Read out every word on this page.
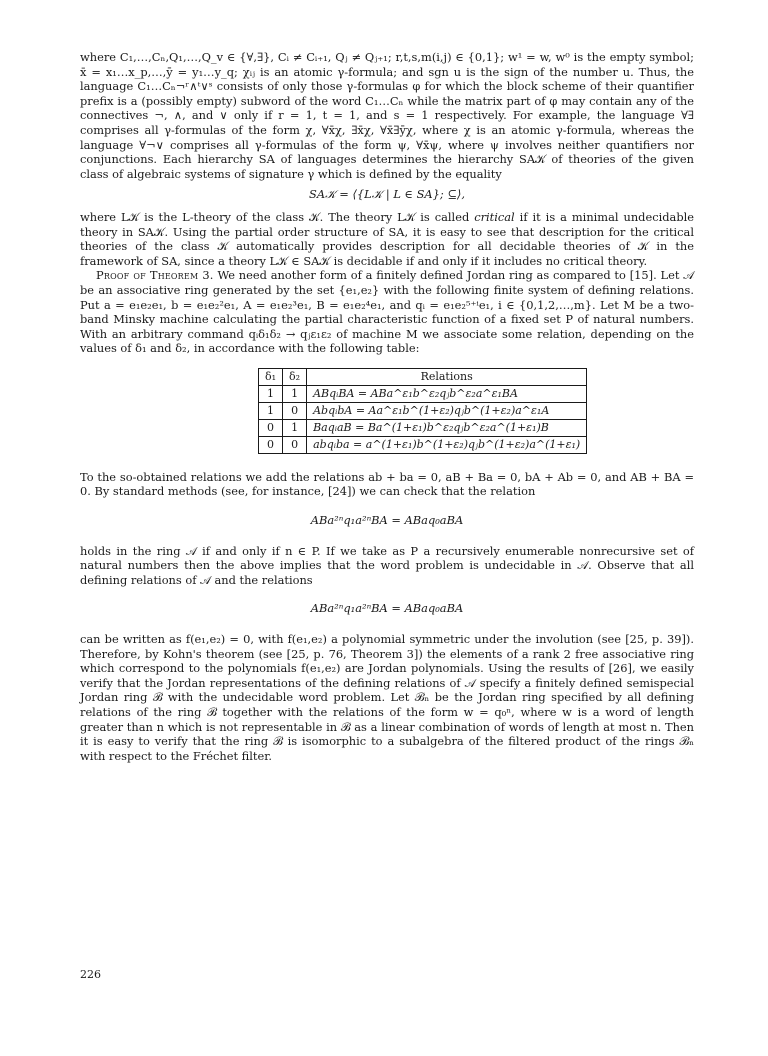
where C₁,…,Cₙ,Q₁,…,Q_v ∈ {∀,∃}, Cᵢ ≠ Cᵢ₊₁, Qⱼ ≠ Qⱼ₊₁; r,t,s,m(i,j) ∈ {0,1}; w¹ = w, w⁰ is the empty symbol; x̄ = x₁…x_p,…,ȳ = y₁…y_q; χᵢⱼ is an atomic γ-formula; and sgn u is the sign of the number u. Thus, the language C₁…Cₙ¬ʳ∧ᵗ∨ˢ consists of only those γ-formulas φ for which the block scheme of their quantifier prefix is a (possibly empty) subword of the word C₁…Cₙ while the matrix part of φ may contain any of the connectives ¬, ∧, and ∨ only if r = 1, t = 1, and s = 1 respectively. For example, the language ∀∃ comprises all γ-formulas of the form χ, ∀x̄χ, ∃x̄χ, ∀x̄∃ȳχ, where χ is an atomic γ-formula, whereas the language ∀¬∨ comprises all γ-formulas of the form ψ, ∀x̄ψ, where ψ involves neither quantifiers nor conjunctions. Each hierarchy SA of languages determines the hierarchy SA𝒦 of theories of the given class of algebraic systems of signature γ which is defined by the equality

SA𝒦 = ⟨{L𝒦 | L ∈ SA}; ⊆⟩,

where L𝒦 is the L-theory of the class 𝒦. The theory L𝒦 is called critical if it is a minimal undecidable theory in SA𝒦. Using the partial order structure of SA, it is easy to see that description for the critical theories of the class 𝒦 automatically provides description for all decidable theories of 𝒦 in the framework of SA, since a theory L𝒦 ∈ SA𝒦 is decidable if and only if it includes no critical theory.

Proof of Theorem 3. We need another form of a finitely defined Jordan ring as compared to [15]. Let 𝒜 be an associative ring generated by the set {e₁,e₂} with the following finite system of defining relations. Put a = e₁e₂e₁, b = e₁e₂²e₁, A = e₁e₂³e₁, B = e₁e₂⁴e₁, and qᵢ = e₁e₂⁵⁺ⁱe₁, i ∈ {0,1,2,…,m}. Let M be a two-band Minsky machine calculating the partial characteristic function of a fixed set P of natural numbers. With an arbitrary command qᵢδ₁δ₂ → qⱼε₁ε₂ of machine M we associate some relation, depending on the values of δ₁ and δ₂, in accordance with the following table:

δ₁	δ₂	Relations
1	1	ABqᵢBA = ABa^ε₁b^ε₂qⱼb^ε₂a^ε₁BA
1	0	AbqᵢbA = Aa^ε₁b^(1+ε₂)qⱼb^(1+ε₂)a^ε₁A
0	1	BaqᵢaB = Ba^(1+ε₁)b^ε₂qⱼb^ε₂a^(1+ε₁)B
0	0	abqᵢba = a^(1+ε₁)b^(1+ε₂)qⱼb^(1+ε₂)a^(1+ε₁)

To the so-obtained relations we add the relations ab + ba = 0, aB + Ba = 0, bA + Ab = 0, and AB + BA = 0. By standard methods (see, for instance, [24]) we can check that the relation

ABa²ⁿq₁a²ⁿBA = ABaq₀aBA

holds in the ring 𝒜 if and only if n ∈ P. If we take as P a recursively enumerable nonrecursive set of natural numbers then the above implies that the word problem is undecidable in 𝒜. Observe that all defining relations of 𝒜 and the relations

ABa²ⁿq₁a²ⁿBA = ABaq₀aBA

can be written as f(e₁,e₂) = 0, with f(e₁,e₂) a polynomial symmetric under the involution (see [25, p. 39]). Therefore, by Kohn's theorem (see [25, p. 76, Theorem 3]) the elements of a rank 2 free associative ring which correspond to the polynomials f(e₁,e₂) are Jordan polynomials. Using the results of [26], we easily verify that the Jordan representations of the defining relations of 𝒜 specify a finitely defined semispecial Jordan ring ℬ with the undecidable word problem. Let ℬₙ be the Jordan ring specified by all defining relations of the ring ℬ together with the relations of the form w = q₀ⁿ, where w is a word of length greater than n which is not representable in ℬ as a linear combination of words of length at most n. Then it is easy to verify that the ring ℬ is isomorphic to a subalgebra of the filtered product of the rings ℬₙ with respect to the Fréchet filter.

226
